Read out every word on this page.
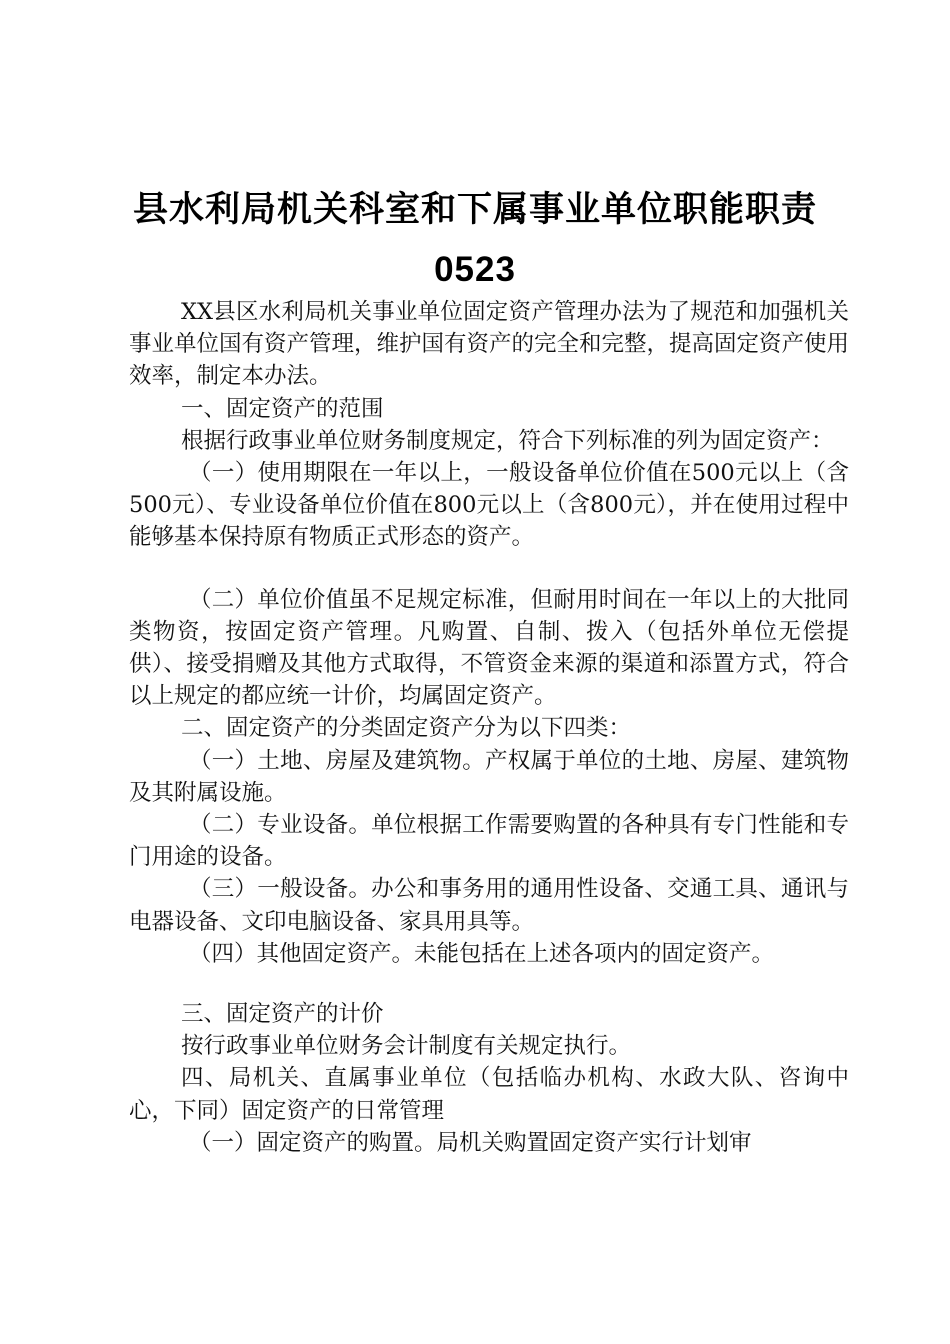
县水利局机关科室和下属事业单位职能职责
0523

XX县区水利局机关事业单位固定资产管理办法为了规范和加强机关事业单位国有资产管理，维护国有资产的完全和完整，提高固定资产使用效率，制定本办法。

一、固定资产的范围

根据行政事业单位财务制度规定，符合下列标准的列为固定资产：

（一）使用期限在一年以上，一般设备单位价值在500元以上（含500元）、专业设备单位价值在800元以上（含800元），并在使用过程中能够基本保持原有物质正式形态的资产。

（二）单位价值虽不足规定标准，但耐用时间在一年以上的大批同类物资，按固定资产管理。凡购置、自制、拨入（包括外单位无偿提供）、接受捐赠及其他方式取得，不管资金来源的渠道和添置方式，符合以上规定的都应统一计价，均属固定资产。

二、固定资产的分类固定资产分为以下四类：

（一）土地、房屋及建筑物。产权属于单位的土地、房屋、建筑物及其附属设施。

（二）专业设备。单位根据工作需要购置的各种具有专门性能和专门用途的设备。

（三）一般设备。办公和事务用的通用性设备、交通工具、通讯与电器设备、文印电脑设备、家具用具等。

（四）其他固定资产。未能包括在上述各项内的固定资产。

三、固定资产的计价

按行政事业单位财务会计制度有关规定执行。

四、局机关、直属事业单位（包括临办机构、水政大队、咨询中心，下同）固定资产的日常管理

（一）固定资产的购置。局机关购置固定资产实行计划审
